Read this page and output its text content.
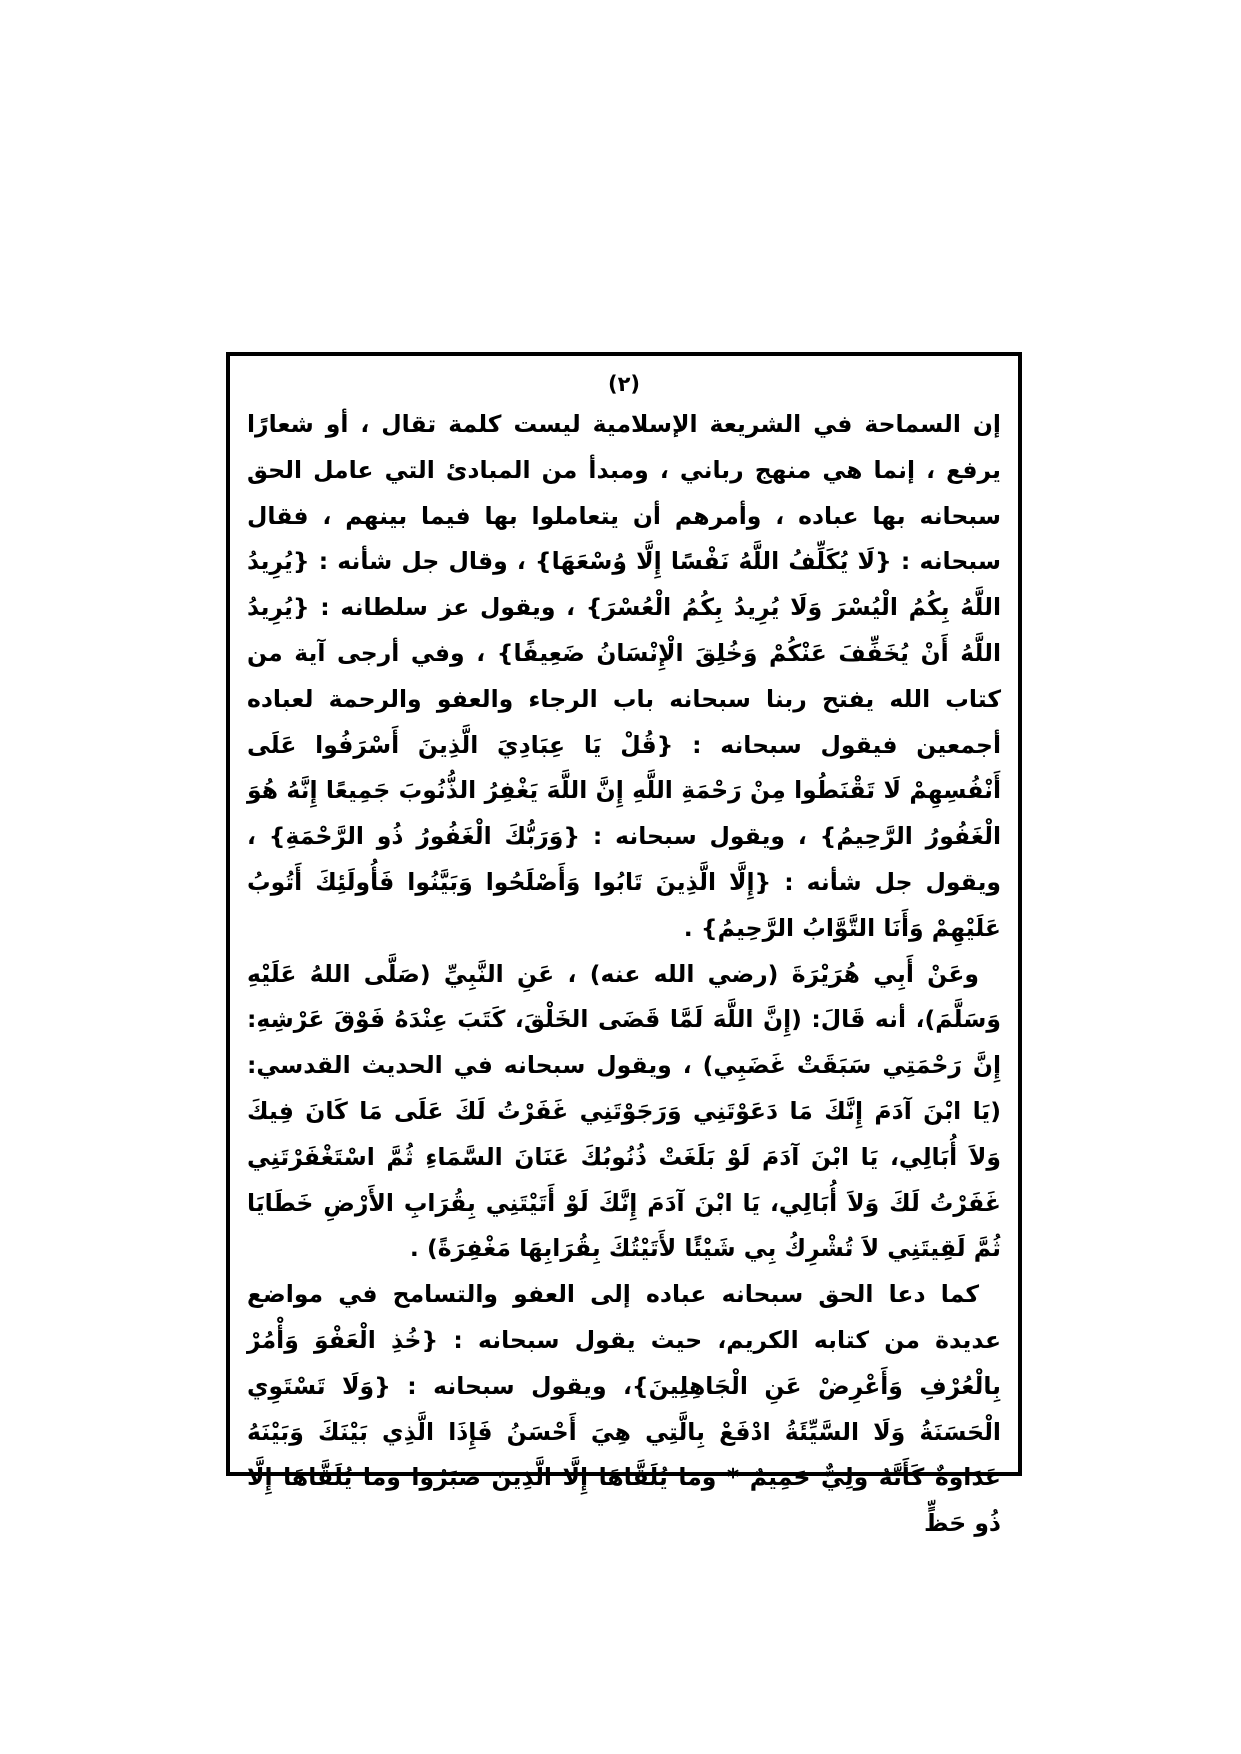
(٢)

إن السماحة في الشريعة الإسلامية ليست كلمة تقال ، أو شعارًا يرفع ، إنما هي منهج رباني ، ومبدأ من المبادئ التي عامل الحق سبحانه بها عباده ، وأمرهم أن يتعاملوا بها فيما بينهم ، فقال سبحانه : {لَا يُكَلِّفُ اللَّهُ نَفْسًا إِلَّا وُسْعَهَا} ، وقال جل شأنه : {يُرِيدُ اللَّهُ بِكُمُ الْيُسْرَ وَلَا يُرِيدُ بِكُمُ الْعُسْرَ} ، ويقول عز سلطانه : {يُرِيدُ اللَّهُ أَنْ يُخَفِّفَ عَنْكُمْ وَخُلِقَ الْإِنْسَانُ ضَعِيفًا} ، وفي أرجى آية من كتاب الله يفتح ربنا سبحانه باب الرجاء والعفو والرحمة لعباده أجمعين فيقول سبحانه : {قُلْ يَا عِبَادِيَ الَّذِينَ أَسْرَفُوا عَلَى أَنْفُسِهِمْ لَا تَقْنَطُوا مِنْ رَحْمَةِ اللَّهِ إِنَّ اللَّهَ يَغْفِرُ الذُّنُوبَ جَمِيعًا إِنَّهُ هُوَ الْغَفُورُ الرَّحِيمُ} ، ويقول سبحانه : {وَرَبُّكَ الْغَفُورُ ذُو الرَّحْمَةِ} ، ويقول جل شأنه : {إِلَّا الَّذِينَ تَابُوا وَأَصْلَحُوا وَبَيَّنُوا فَأُولَئِكَ أَتُوبُ عَلَيْهِمْ وَأَنَا التَّوَّابُ الرَّحِيمُ} .

وعَنْ أَبِي هُرَيْرَةَ (رضي الله عنه) ، عَنِ النَّبِيِّ (صَلَّى اللهُ عَلَيْهِ وَسَلَّمَ)، أنه قَالَ: (إِنَّ اللَّهَ لَمَّا قَضَى الخَلْقَ، كَتَبَ عِنْدَهُ فَوْقَ عَرْشِهِ: إِنَّ رَحْمَتِي سَبَقَتْ غَضَبِي) ، ويقول سبحانه في الحديث القدسي: (يَا ابْنَ آدَمَ إِنَّكَ مَا دَعَوْتَنِي وَرَجَوْتَنِي غَفَرْتُ لَكَ عَلَى مَا كَانَ فِيكَ وَلاَ أُبَالِي، يَا ابْنَ آدَمَ لَوْ بَلَغَتْ ذُنُوبُكَ عَنَانَ السَّمَاءِ ثُمَّ اسْتَغْفَرْتَنِي غَفَرْتُ لَكَ وَلاَ أُبَالِي، يَا ابْنَ آدَمَ إِنَّكَ لَوْ أَتَيْتَنِي بِقُرَابِ الأَرْضِ خَطَايَا ثُمَّ لَقِيتَنِي لاَ تُشْرِكُ بِي شَيْئًا لأَتَيْتُكَ بِقُرَابِهَا مَغْفِرَةً) .

كما دعا الحق سبحانه عباده إلى العفو والتسامح في مواضع عديدة من كتابه الكريم، حيث يقول سبحانه : {خُذِ الْعَفْوَ وَأْمُرْ بِالْعُرْفِ وَأَعْرِضْ عَنِ الْجَاهِلِينَ}، ويقول سبحانه : {وَلَا تَسْتَوِي الْحَسَنَةُ وَلَا السَّيِّئَةُ ادْفَعْ بِالَّتِي هِيَ أَحْسَنُ فَإِذَا الَّذِي بَيْنَكَ وَبَيْنَهُ عَدَاوَةٌ كَأَنَّهُ وَلِيٌّ حَمِيمٌ * وَمَا يُلَقَّاهَا إِلَّا الَّذِينَ صَبَرُوا وَمَا يُلَقَّاهَا إِلَّا ذُو حَظٍّ
